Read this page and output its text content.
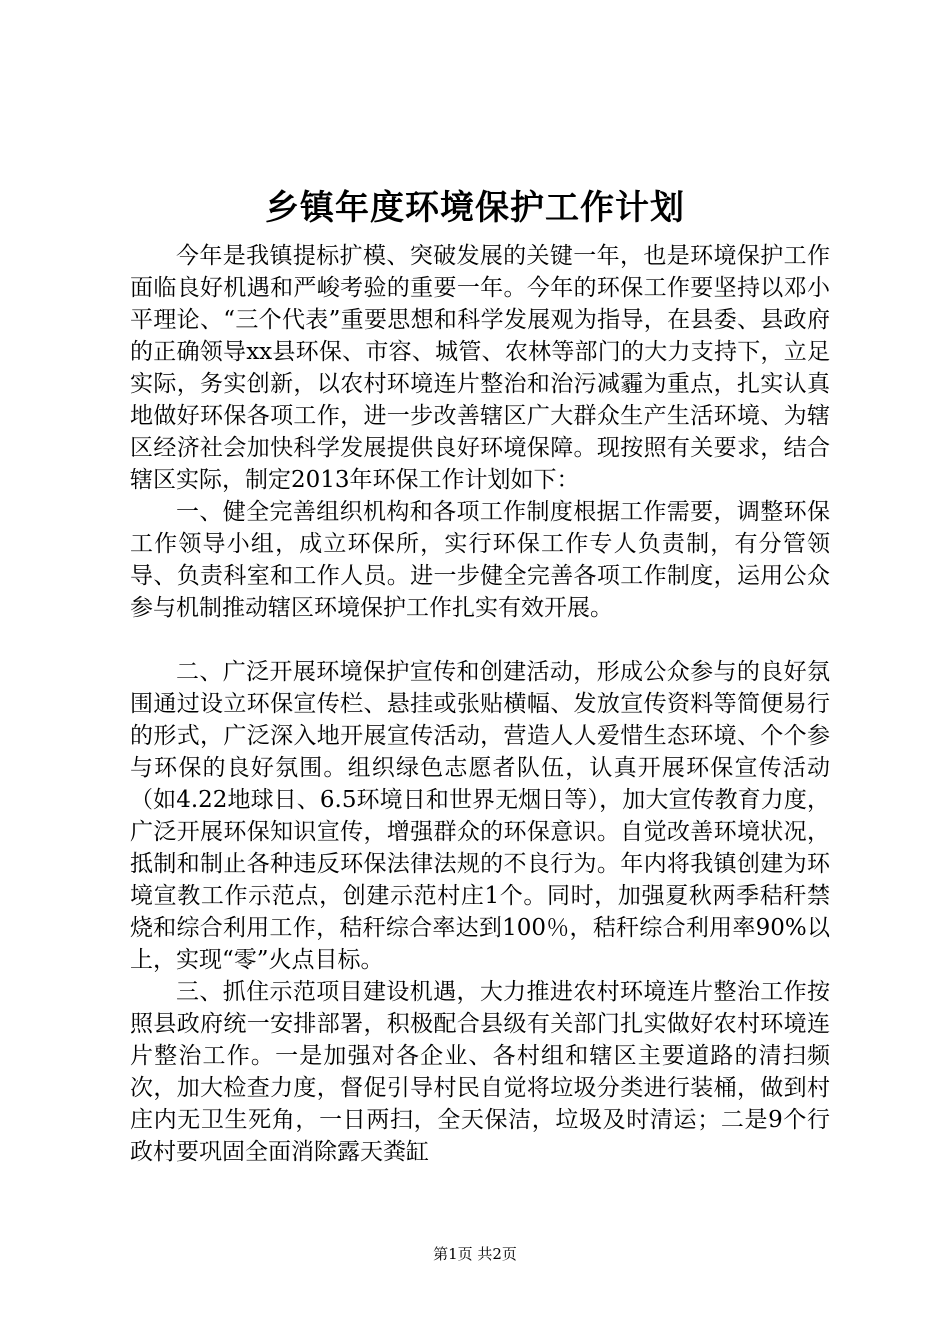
乡镇年度环境保护工作计划

今年是我镇提标扩模、突破发展的关键一年，也是环境保护工作面临良好机遇和严峻考验的重要一年。今年的环保工作要坚持以邓小平理论、“三个代表”重要思想和科学发展观为指导，在县委、县政府的正确领导xx县环保、市容、城管、农林等部门的大力支持下，立足实际，务实创新，以农村环境连片整治和治污减霾为重点，扎实认真地做好环保各项工作，进一步改善辖区广大群众生产生活环境、为辖区经济社会加快科学发展提供良好环境保障。现按照有关要求，结合辖区实际，制定2013年环保工作计划如下：

一、健全完善组织机构和各项工作制度根据工作需要，调整环保工作领导小组，成立环保所，实行环保工作专人负责制，有分管领导、负责科室和工作人员。进一步健全完善各项工作制度，运用公众参与机制推动辖区环境保护工作扎实有效开展。

二、广泛开展环境保护宣传和创建活动，形成公众参与的良好氛围通过设立环保宣传栏、悬挂或张贴横幅、发放宣传资料等简便易行的形式，广泛深入地开展宣传活动，营造人人爱惜生态环境、个个参与环保的良好氛围。组织绿色志愿者队伍，认真开展环保宣传活动（如4.22地球日、6.5环境日和世界无烟日等），加大宣传教育力度，广泛开展环保知识宣传，增强群众的环保意识。自觉改善环境状况，抵制和制止各种违反环保法律法规的不良行为。年内将我镇创建为环境宣教工作示范点，创建示范村庄1个。同时，加强夏秋两季秸秆禁烧和综合利用工作，秸秆综合率达到100％，秸秆综合利用率90%以上，实现“零”火点目标。

三、抓住示范项目建设机遇，大力推进农村环境连片整治工作按照县政府统一安排部署，积极配合县级有关部门扎实做好农村环境连片整治工作。一是加强对各企业、各村组和辖区主要道路的清扫频次，加大检查力度，督促引导村民自觉将垃圾分类进行装桶，做到村庄内无卫生死角，一日两扫，全天保洁，垃圾及时清运；二是9个行政村要巩固全面消除露天粪缸

第1页 共2页
